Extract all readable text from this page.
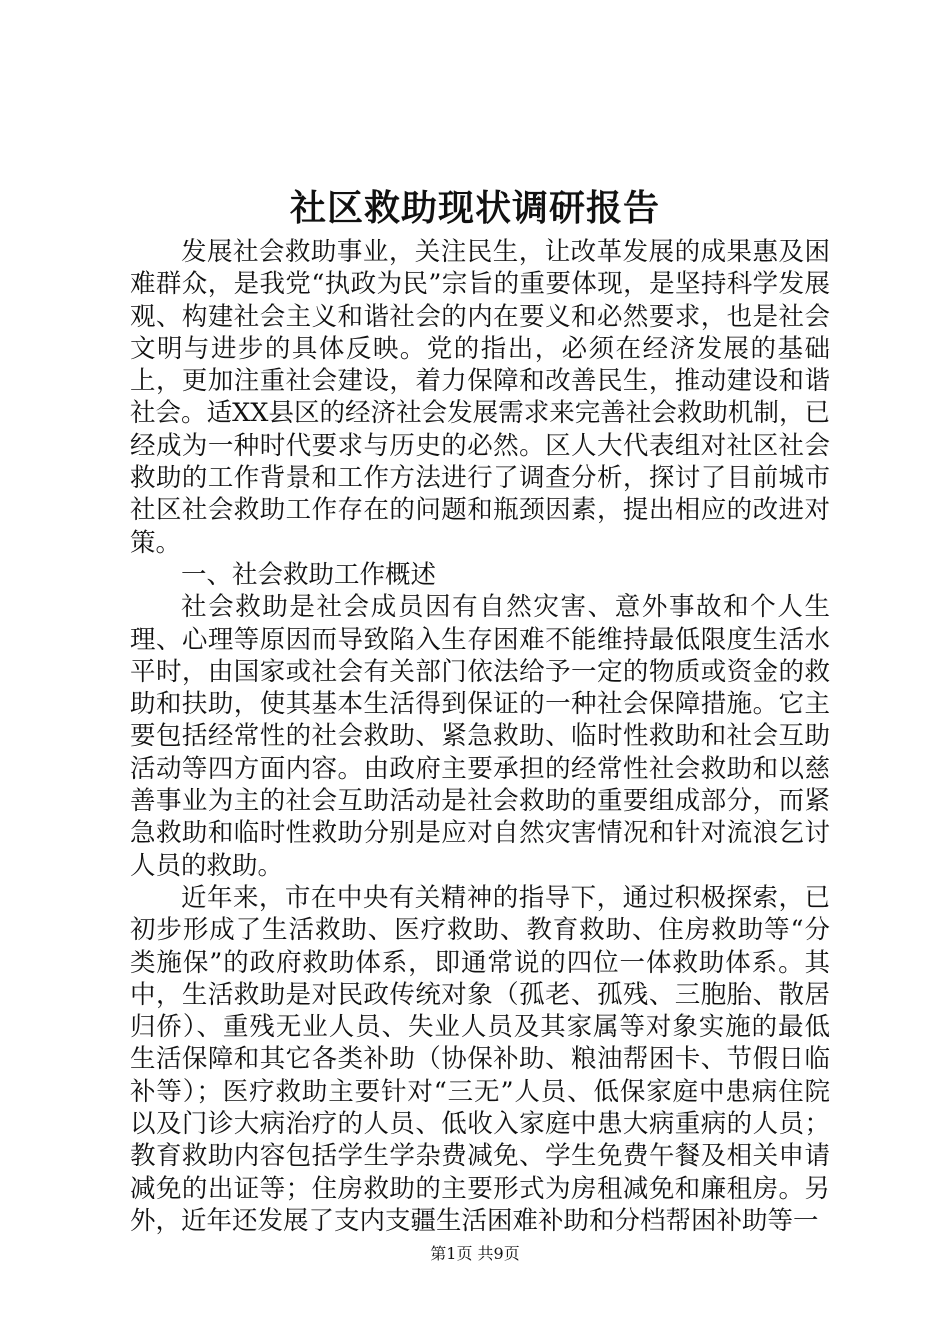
社区救助现状调研报告

发展社会救助事业，关注民生，让改革发展的成果惠及困难群众，是我党“执政为民”宗旨的重要体现，是坚持科学发展观、构建社会主义和谐社会的内在要义和必然要求，也是社会文明与进步的具体反映。党的指出，必须在经济发展的基础上，更加注重社会建设，着力保障和改善民生，推动建设和谐社会。适XX县区的经济社会发展需求来完善社会救助机制，已经成为一种时代要求与历史的必然。区人大代表组对社区社会救助的工作背景和工作方法进行了调查分析，探讨了目前城市社区社会救助工作存在的问题和瓶颈因素，提出相应的改进对策。

一、社会救助工作概述

社会救助是社会成员因有自然灾害、意外事故和个人生理、心理等原因而导致陷入生存困难不能维持最低限度生活水平时，由国家或社会有关部门依法给予一定的物质或资金的救助和扶助，使其基本生活得到保证的一种社会保障措施。它主要包括经常性的社会救助、紧急救助、临时性救助和社会互助活动等四方面内容。由政府主要承担的经常性社会救助和以慈善事业为主的社会互助活动是社会救助的重要组成部分，而紧急救助和临时性救助分别是应对自然灾害情况和针对流浪乞讨人员的救助。

近年来，市在中央有关精神的指导下，通过积极探索，已初步形成了生活救助、医疗救助、教育救助、住房救助等“分类施保”的政府救助体系，即通常说的四位一体救助体系。其中，生活救助是对民政传统对象（孤老、孤残、三胞胎、散居归侨）、重残无业人员、失业人员及其家属等对象实施的最低生活保障和其它各类补助（协保补助、粮油帮困卡、节假日临补等）；医疗救助主要针对“三无”人员、低保家庭中患病住院以及门诊大病治疗的人员、低收入家庭中患大病重病的人员；教育救助内容包括学生学杂费减免、学生免费午餐及相关申请减免的出证等；住房救助的主要形式为房租减免和廉租房。另外，近年还发展了支内支疆生活困难补助和分档帮困补助等一

第1页 共9页
